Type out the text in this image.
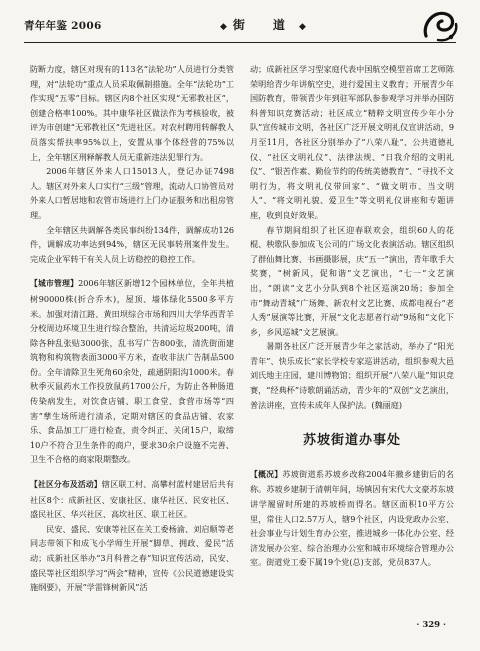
青年年鉴 2006	◆ 街　道 ◆

防断力度，辖区对现有的113名“法轮功”人员进行分类管理，对“法轮功”重点人员采取佩制措施。全年“法轮功”工作实现“五零”目标。辖区内8个社区实现“无邪教社区”，创建合格率100%。其中康华社区做法作为考核验收，被评为市创建“无邪教社区”先进社区。对农村聘用转解教人员落实帮扶率95%以上，安置从事个体经营的75%以上，全年辖区刑释解教人员无重新违法犯罪行为。

2006年辖区外来人口15013人，登记办证7498人。辖区对外来人口实行“三级”管理，流动人口协管员对外来人口暂居地和农管市场进行上门办证服务和出租房管理。

全年辖区共调解各类民事纠纷134件，调解成功126件，调解成功率达到94%，辖区无民事转刑案件发生。完成企业军转干有关人员上访稳控的稳控工作。

【城市管理】2006年辖区新增12个园林单位，全年共植树90000株(折合乔木)，屋顶、墙体绿化5500多平方米。加强对清江路、黄田坝综合市场和四川大学华西青羊分校周边环境卫生进行综合整治，共清运垃圾200吨，清除各种乱张贴3000张，乱书写广告800张，清洗街面建筑物和构筑物表面3000平方米，查收非法广告制品500份。全年清除卫生死角60余处，疏通阴阳沟1000米。春秋季灭鼠药水工作投放鼠药1700公斤，为防止各种肠道传染病发生，对饮食店铺、职工食堂、食营市场等“四害”孳生场所进行清杀，定期对辖区的食品店铺、农家乐、食品加工厂进行检查，责令纠正、关闭15户，取缔10户不符合卫生条件的商户，要求30余户设施不完善、卫生不合格的商家限期整改。

【社区分布及活动】辖区联工村、高攀村蓝村建居后共有社区8个：成新社区、安康社区、康华社区、民安社区、盛民社区、华兴社区、高坎社区、联工社区。

民安、盛民、安康等社区在关工委杨渝、刘启顺等老同志带领下和成飞小学师生开展“脚草、拥政、爱民”活动；成新社区举办“3月科普之春”知识宣传活动，民安、盛民等社区组织学习“两会”精神，宣传《公民道德建设实施纲要》，开展“学雷锋树新风”活

动；成新社区学习型家庭代表中国航空模型首席工艺师陈荣明给青少年讲航空史，进行爱国主义教育；开展青少年国防教育，带领青少年到驻军部队参参观学习并举办国防科普知识竞赛活动；社区成立“精粹文明宣传少年小分队”宣传城市文明，各社区广泛开展文明礼仪宣讲活动，9月至11月，各社区分别举办了“八荣八耻”、公共道德礼仪、“社区文明礼仪”、法律法规、“日我介绍的文明礼仪”、“银苦作素、勤俭节约的传统美德教育”、“寻找不文明行为，将文明礼仪带回家”、“做文明市、当文明人”、“将文明礼貌、爱卫生”等文明礼仪讲座和专题讲座，收到良好效果。

春节期间组织了社区迎春联欢会，组织60人的花棍、秧歌队参加成飞公司的广场文化表演活动。辖区组织了群仙舞比赛、书画摄影展，庆“五一”演出，青年歌手大奖赛，“树新风，促和谐”文艺演出，“七一”文艺演出，“朗读”文艺小分队到8个社区巡演20场；参加全市“舞动青城”广场舞、新农村文艺比赛、成都电视台“老人秀”展演等比赛，开展“文化志愿者行动”9场和“文化下乡，乡风巡城”文艺展演。

暑期各社区广泛开展青少年之家活动，举办了“阳光青年”、快乐成长”家长学校专家巡讲活动，组织参观大邑刘氏地主庄园，建川博物馆；组织开展“八荣八耻”知识竞赛，“经典杯”诗歌朗诵活动，青少年的“双创”文艺演出，普法讲座，宣传未成年人保护法。(魏丽庭)

苏坡街道办事处

【概况】苏坡街道系苏坡乡改称2004年撤乡建街后的名称。苏坡乡建制于清朝年间，场镇因有宋代大文豪苏东坡讲学履留时所建的苏坡桥而得名。辖区面积10平方公里，常住人口2.57万人，辖9个社区，内设党政办公室、社会事业与计划生育办公室，推进城乡一体化办公室、经济发展办公室、综合治理办公室和城市环境综合管理办公室。街道党工委下属19个党(总)支部，党员837人。

· 329 ·
